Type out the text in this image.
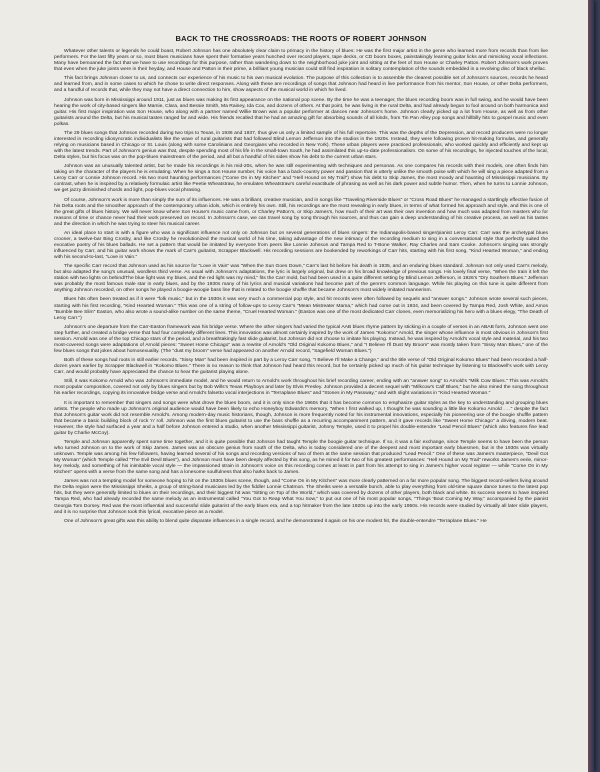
BACK TO THE CROSSROADS: THE ROOTS OF ROBERT JOHNSON

Whatever other talents or legends he could boast, Robert Johnson has one absolutely clear claim to primacy in the history of blues: He was the first major artist in the genre who learned more from records than from live performers. For the last fifty years or so, most blues musicians have spent their formative years hunched over record players, tape decks, or CD boom boxes, painstakingly learning guitar licks and mimicking vocal inflections. Many have bemoaned the fact that we have to use recordings for this purpose, rather than wandering down to the neighborhood juke joint and sitting at the feet of Son House or Charley Patton. Robert Johnson's work proves that even when the juke joints were in their heyday, and House and Patton in their prime, a brilliant young musician could still find inspiration in solitary contemplation of the sounds embedded in a revolving disc of black shellac.

This fact brings Johnson closer to us, and connects our experience of his music to his own musical evolution. The purpose of this collection is to assemble the clearest possible set of Johnson's sources, records he heard and learned from, and in some cases to which he chose to write direct responses. Along with these are recordings of songs that Johnson had heard in live performance from his mentor, Son House, or other Delta performers, and a handful of records that, while they may not have a direct connection to him, show aspects of the musical world in which he lived.

Johnson was born in Mississippi around 1911, just as blues was making its first appearance on the national pop scene. By the time he was a teenager, the blues recording boom was in full swing, and he would have been hearing the work of city-based singers like Mamie, Clara, and Bessie Smith, Ma Rainey, Ida Cox, and dozens of others. At that point, he was living in the rural Delta, and had already begun to fool around on both harmonica and guitar. His first major inspiration was Son House, who along with a partner named Willie Brown was a popular performer at dances near Johnson's home. Johnson clearly picked up a lot from House, as well as from other guitarists around the Delta, but his musical tastes ranged far and wide. His friends recalled that he had an amazing gift for absorbing sounds of all kinds, from Tin Pan Alley pop songs and hillbilly hits to gospel music and even polkas.

The 29 blues songs that Johnson recorded during two trips to Texas, in 1936 and 1937, thus give us only a limited sample of his full repertoire. This was the depths of the Depression, and record producers were no longer interested in recording idiosyncratic individualists like the wave of rural guitarists that had followed Blind Lemon Jefferson into the studios in the 1920s. Instead, they were following proven hit-making formulas, and generally relying on musicians based in Chicago or St. Louis (along with some Carolinians and Georgians who recorded in New York). These urban players were practiced professionals, who worked quickly and efficiently and kept up with the latest trends. Part of Johnson's genius was that, despite spending most of his life in the small-town South, he had assimilated this up-to-date professionalism. On some of his recordings, he injected touches of the local, Delta styles, but his focus was on the pop-blues mainstream of the period, and all but a handful of his sides show his debt to the current urban stars.

Johnson was an unusually talented artist, but he made his recordings in his mid-20s, when he was still experimenting with techniques and personas. As one compares his records with their models, one often finds him taking on the character of the players he is emulating. When he sings a Son House number, his voice has a back-country power and passion that is utterly unlike the smooth poise with which he will sing a piece adapted from a Leroy Carr or Lonnie Johnson record. His two most haunting performances ("Come On in My Kitchen" and "Hell Hound on My Trail") show his debt to Skip James, the most moody and haunting of Mississippi musicians. By contrast, when he is inspired by a relatively formulaic artist like Peetie Wheatstraw, he emulates Wheatstraw's careful exactitude of phrasing as well as his dark power and subtle humor. Then, when he turns to Lonnie Johnson, we get jazzy diminished chords and light, pop-blues vocal phrasing.

Of course, Johnson's work is more than simply the sum of its influences. He was a brilliant, creative musician, and in songs like "Traveling Riverside Blues" or "Cross Road Blues" he managed a startlingly effective fusion of his Delta roots and the smoother approach of the contemporary urban idols, which is entirely his own. Still, his recordings are the most revealing in early blues, in terms of what formed his approach and style, and this is one of the great gifts of blues history. We will never know where Son House's music came from, or Charley Patton's, or Skip James's, how much of their art was their own invention and how much was adapted from masters who for reasons of time or chance never had their work preserved on record. In Johnson's case, we can travel song by song through his sources, and thus can gain a deep understanding of his creative process, as well as his tastes and the direction in which he was trying to steer his musical career.

An ideal place to start is with a figure who was a significant influence not only on Johnson but on several generations of blues singers: the Indianapolis-based singer/pianist Leroy Carr. Carr was the archetypal blues crooner, a twelve-bar Bing Crosby, and like Crosby he revolutionized the musical world of his time, taking advantage of the new intimacy of the recording medium to sing in a conversational style that perfectly suited the evocative poetry of his blues ballads. He set a pattern that would be imitated by everyone from peers like Lonnie Johnson and Tampa Red to T-Bone Walker, Ray Charles and Sam Cooke. Johnson's singing was strongly influenced by Carr, and his guitar work shows the mark of Carr's guitarist, Scrapper Blackwell. His recording sessions are bookended by reworkings of Carr hits, starting with his first song, "Kind Hearted Woman," and ending with his second-to-last, "Love in Vain."

The specific Carr record that Johnson used as his source for "Love in Vain" was "When the Sun Goes Down," Carr's last hit before his death in 1935, and an enduring blues standard. Johnson not only used Carr's melody, but also adapted the song's unusual, wordless third verse. As usual with Johnson's adaptations, the lyric is largely original, but drew on his broad knowledge of previous songs. His lovely final verse, "When the train it left the station with two lights on behind/The blue light was my blues, and the red light was my mind," fits the Carr mold, but had been used in a quite different setting by Blind Lemon Jefferson, in 1926's "Dry Southern Blues." Jefferson was probably the most famous male star in early blues, and by the 1930s many of his lyrics and musical variations had become part of the genre's common language. While his playing on this tune is quite different from anything Johnson recorded, on other songs he played a boogie-woogie bass line that is related to the boogie shuffle that became Johnson's most widely imitated mannerism.

Blues hits often been treated as if it were "folk music," but in the 1930s it was very much a commercial pop style, and hit records were often followed by sequels and "answer songs." Johnson wrote several such pieces, starting with his first recording, "Kind Hearted Woman." This was one of a string of follow-ups to Leroy Carr's "Mean Mistreater Mama," which had come out in 1934, and been covered by Tampa Red, Josh White, and Amos "Bumble Bee Slim" Easton, who also wrote a sound-alike number on the same theme, "Cruel Hearted Woman." (Easton was one of the most dedicated Carr clones, even memorializing his hero with a blues elegy, "The Death of Leroy Carr.")

Johnson's one departure from the Carr-Easton framework was his bridge verse. Where the other singers had varied the typical AAB blues rhyme pattern by sticking in a couple of verses in an ABAB form, Johnson went one step further, and created a bridge verse that had four completely different lines. This innovation was almost certainly inspired by the work of James "Kokomo" Arnold, the singer whose influence is most obvious in Johnson's first session. Arnold was one of the top Chicago stars of the period, and a breathtakingly fast slide guitarist, but Johnson did not choose to imitate his playing. Instead, he was inspired by Arnold's vocal style and material, and his two most-covered songs were adaptations of Arnold pieces: "Sweet Home Chicago" was a rewrite of Arnold's "Old Original Kokomo Blues," and "I Believe I'll Dust My Broom" was mostly taken from "Sissy Man Blues," one of the few blues songs that jokes about homosexuality. (The "dust my broom" verse had appeared on another Arnold record, "Sagefield Woman Blues.")

Both of these songs had roots in still earlier records. "Sissy Man" had been inspired in part by a Leroy Carr song, "I Believe I'll Make a Change," and the title verse of "Old Original Kokomo Blues" had been recorded a half-dozen years earlier by Scrapper Blackwell in "Kokomo Blues." There is no reason to think that Johnson had heard this record, but he certainly picked up much of his guitar technique by listening to Blackwell's work with Leroy Carr, and would probably have appreciated the chance to hear the guitarist playing alone.

Still, it was Kokomo Arnold who was Johnson's immediate model, and he would return to Arnold's work throughout his brief recording career, ending with an "answer song" to Arnold's "Milk Cow Blues." This was Arnold's most popular composition, covered not only by blues singers but by Bob Wills's Texas Playboys and later by Elvis Presley. Johnson provided a decent sequel with "Milkcow's Calf Blues," but he also mined the song throughout his earlier recordings, copying its innovative bridge verse and Arnold's falsetto vocal interjections in "Terraplane Blues" and "Stones in My Passway," and with slight variations in "Kind Hearted Woman."

It is important to remember that singers and songs were what drove the blues boom, and it is only since the 1960s that it has become common to emphasize guitar styles as the key to understanding and grouping blues artists. The people who made up Johnson's original audience would have been likely to echo Honeyboy Edwards's memory, "When I first walked up, I thought he was sounding a little like Kokomo Arnold . . ." despite the fact that Johnson's guitar work did not resemble Arnold's. Among modern-day music historians, though, Johnson is more frequently noted for his instrumental innovations, especially his pioneering use of the boogie shuffle pattern that became a basic building block of rock 'n' roll. Johnson was the first blues guitarist to use the bass shuffle as a recurring accompaniment pattern, and it gave records like "Sweet Home Chicago" a driving, modern beat. However, the style had surfaced a year and a half before Johnson entered a studio, when another Mississippi guitarist, Johnny Temple, used it to propel his double-entendre "Lead Pencil Blues" (which also features fine lead guitar by Charlie McCoy).

Temple and Johnson apparently spent some time together, and it is quite possible that Johnson had taught Temple the boogie guitar technique. If so, it was a fair exchange, since Temple seems to have been the person who turned Johnson on to the work of Skip James. James was an obscure genius from south of the Delta, who is today considered one of the deepest and most important early bluesmen, but in the 1930s was virtually unknown. Temple was among his few followers, having learned several of his songs and recording versions of two of them at the same session that produced "Lead Pencil." One of these was James's masterpiece, "Devil Got My Woman" (which Temple called "The Evil Devil Blues"), and Johnson must have been deeply affected by this song, as he mined it for two of his greatest performances: "Hell Hound on My Trail" reworks James's eerie, minor-key melody, and something of his inimitable vocal style — the impassioned strain in Johnson's voice on this recording comes at least in part from his attempt to sing in James's higher vocal register — while "Come On in My Kitchen" opens with a verse from the same song and has a lonesome soulfulness that also harks back to James.

James was not a tempting model for someone hoping to hit on the 1930s blues scene, though, and "Come On in My Kitchen" was more clearly patterned on a far more popular song. The biggest record-sellers living around the Delta region were the Mississippi Sheiks, a group of string-band musicians led by the fiddler Lonnie Chatmon. The Sheiks were a versatile bunch, able to play everything from old-time square dance tunes to the latest pop hits, but they were generally limited to blues on their recordings, and their biggest hit was "Sitting on Top of the World," which was covered by dozens of other players, both black and white. Its success seems to have inspired Tampa Red, who had already recorded the same melody as an instrumental called "You Got to Reap What You Sow," to put out one of his most popular songs, "Things 'Bout Coming My Way," accompanied by the pianist Georgia Tom Dorsey. Red was the most influential and successful slide guitarist of the early blues era, and a top hitmaker from the late 1920s up into the early 1950s. His records were studied by virtually all later slide players, and it is no surprise that Johnson took this lyrical, evocative piece as a model.

One of Johnson's great gifts was this ability to blend quite disparate influences in a single record, and he demonstrated it again on his one modest hit, the double-entendre "Terraplane Blues." He
